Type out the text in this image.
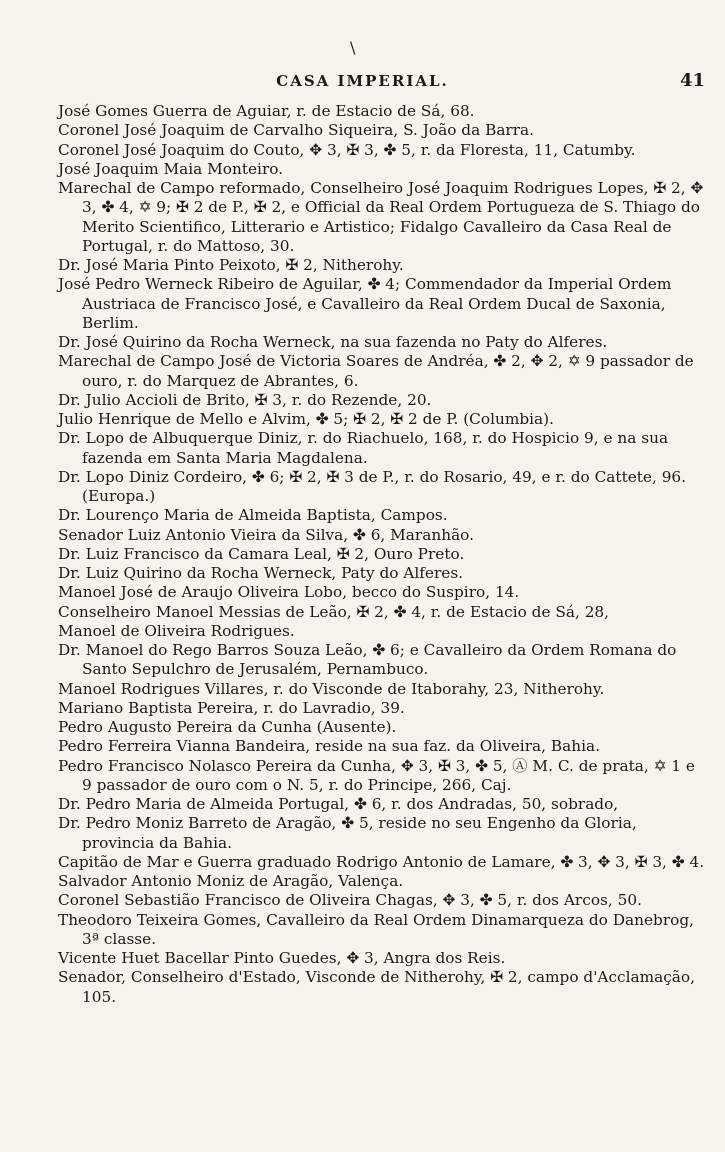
\
CASA IMPERIAL.	41

José Gomes Guerra de Aguiar, r. de Estacio de Sá, 68.

Coronel José Joaquim de Carvalho Siqueira, S. João da Barra.

Coronel José Joaquim do Couto, ✥ 3, ✠ 3, ✤ 5, r. da Floresta, 11, Catumby.

José Joaquim Maia Monteiro.

Marechal de Campo reformado, Conselheiro José Joaquim Rodrigues Lopes, ✠ 2, ✥ 3, ✤ 4, ✡ 9; ✠ 2 de P., ✠ 2, e Official da Real Ordem Portugueza de S. Thiago do Merito Scientifico, Litterario e Artistico; Fidalgo Cavalleiro da Casa Real de Portugal, r. do Mattoso, 30.

Dr. José Maria Pinto Peixoto, ✠ 2, Nitherohy.

José Pedro Werneck Ribeiro de Aguilar, ✤ 4; Commendador da Imperial Ordem Austriaca de Francisco José, e Cavalleiro da Real Ordem Ducal de Saxonia, Berlim.

Dr. José Quirino da Rocha Werneck, na sua fazenda no Paty do Alferes.

Marechal de Campo José de Victoria Soares de Andréa, ✤ 2, ✥ 2, ✡ 9 passador de ouro, r. do Marquez de Abrantes, 6.

Dr. Julio Accioli de Brito, ✠ 3, r. do Rezende, 20.

Julio Henrique de Mello e Alvim, ✤ 5; ✠ 2, ✠ 2 de P. (Columbia).

Dr. Lopo de Albuquerque Diniz, r. do Riachuelo, 168, r. do Hospicio 9, e na sua fazenda em Santa Maria Magdalena.

Dr. Lopo Diniz Cordeiro, ✤ 6; ✠ 2, ✠ 3 de P., r. do Rosario, 49, e r. do Cattete, 96. (Europa.)

Dr. Lourenço Maria de Almeida Baptista, Campos.

Senador Luiz Antonio Vieira da Silva, ✤ 6, Maranhão.

Dr. Luiz Francisco da Camara Leal, ✠ 2, Ouro Preto.

Dr. Luiz Quirino da Rocha Werneck, Paty do Alferes.

Manoel José de Araujo Oliveira Lobo, becco do Suspiro, 14.

Conselheiro Manoel Messias de Leão, ✠ 2, ✤ 4, r. de Estacio de Sá, 28,

Manoel de Oliveira Rodrigues.

Dr. Manoel do Rego Barros Souza Leão, ✤ 6; e Cavalleiro da Ordem Romana do Santo Sepulchro de Jerusalém, Pernambuco.

Manoel Rodrigues Villares, r. do Visconde de Itaborahy, 23, Nitherohy.

Mariano Baptista Pereira, r. do Lavradio, 39.

Pedro Augusto Pereira da Cunha (Ausente).

Pedro Ferreira Vianna Bandeira, reside na sua faz. da Oliveira, Bahia.

Pedro Francisco Nolasco Pereira da Cunha, ✥ 3, ✠ 3, ✤ 5, Ⓐ M. C. de prata, ✡ 1 e 9 passador de ouro com o N. 5, r. do Principe, 266, Caj.

Dr. Pedro Maria de Almeida Portugal, ✤ 6, r. dos Andradas, 50, sobrado,

Dr. Pedro Moniz Barreto de Aragão, ✤ 5, reside no seu Engenho da Gloria, provincia da Bahia.

Capitão de Mar e Guerra graduado Rodrigo Antonio de Lamare, ✤ 3, ✥ 3, ✠ 3, ✤ 4.

Salvador Antonio Moniz de Aragão, Valença.

Coronel Sebastião Francisco de Oliveira Chagas, ✥ 3, ✤ 5, r. dos Arcos, 50.

Theodoro Teixeira Gomes, Cavalleiro da Real Ordem Dinamarqueza do Danebrog, 3ª classe.

Vicente Huet Bacellar Pinto Guedes, ✥ 3, Angra dos Reis.

Senador, Conselheiro d'Estado, Visconde de Nitherohy, ✠ 2, campo d'Acclamação, 105.
